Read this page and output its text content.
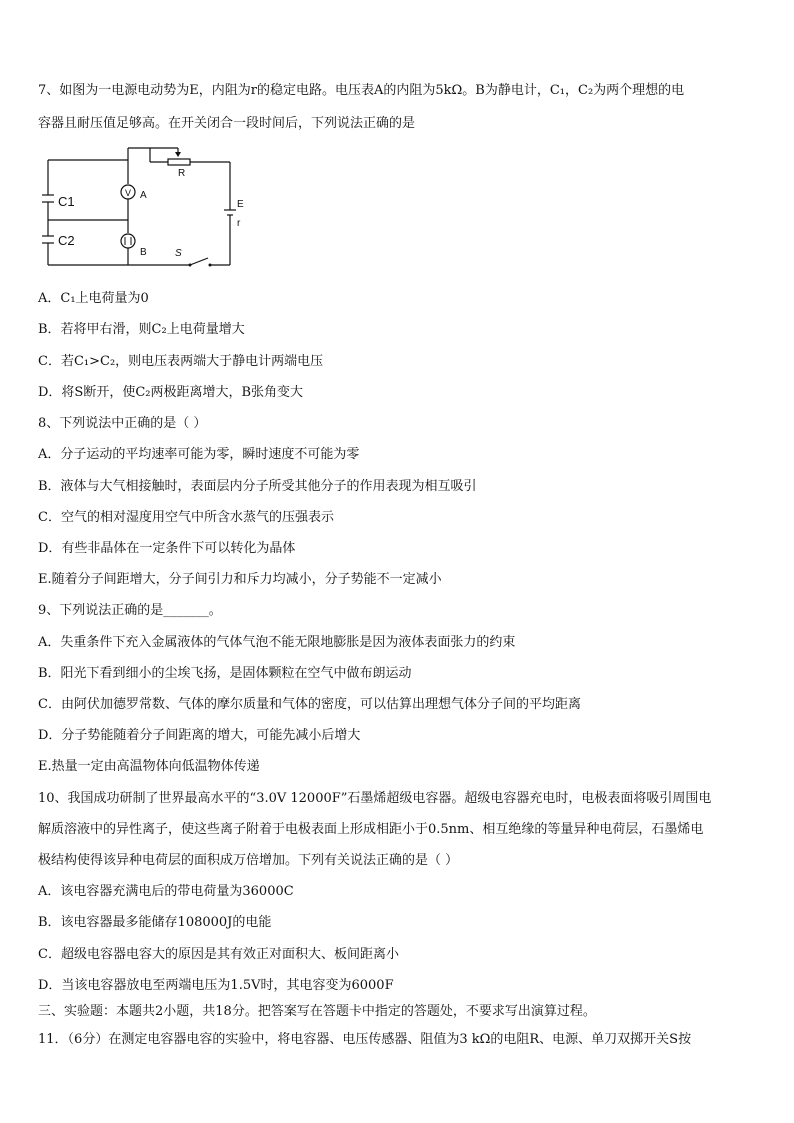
7、如图为一电源电动势为E，内阻为r的稳定电路。电压表A的内阻为5kΩ。B为静电计，C₁，C₂为两个理想的电
容器且耐压值足够高。在开关闭合一段时间后，下列说法正确的是
V
C1
C2
A
B
R
S
E
r
A．C₁上电荷量为0
B．若将甲右滑，则C₂上电荷量增大
C．若C₁>C₂，则电压表两端大于静电计两端电压
D．将S断开，使C₂两极距离增大，B张角变大
8、下列说法中正确的是（ ）
A．分子运动的平均速率可能为零，瞬时速度不可能为零
B．液体与大气相接触时，表面层内分子所受其他分子的作用表现为相互吸引
C．空气的相对湿度用空气中所含水蒸气的压强表示
D．有些非晶体在一定条件下可以转化为晶体
E.随着分子间距增大，分子间引力和斥力均减小，分子势能不一定减小
9、下列说法正确的是_______。
A．失重条件下充入金属液体的气体气泡不能无限地膨胀是因为液体表面张力的约束
B．阳光下看到细小的尘埃飞扬，是固体颗粒在空气中做布朗运动
C．由阿伏加德罗常数、气体的摩尔质量和气体的密度，可以估算出理想气体分子间的平均距离
D．分子势能随着分子间距离的增大，可能先减小后增大
E.热量一定由高温物体向低温物体传递
10、我国成功研制了世界最高水平的“3.0V 12000F”石墨烯超级电容器。超级电容器充电时，电极表面将吸引周围电
解质溶液中的异性离子，使这些离子附着于电极表面上形成相距小于0.5nm、相互绝缘的等量异种电荷层，石墨烯电
极结构使得该异种电荷层的面积成万倍增加。下列有关说法正确的是（ ）
A．该电容器充满电后的带电荷量为36000C
B．该电容器最多能储存108000J的电能
C．超级电容器电容大的原因是其有效正对面积大、板间距离小
D．当该电容器放电至两端电压为1.5V时，其电容变为6000F
三、实验题：本题共2小题，共18分。把答案写在答题卡中指定的答题处，不要求写出演算过程。
11．（6分）在测定电容器电容的实验中，将电容器、电压传感器、阻值为3 kΩ的电阻R、电源、单刀双掷开关S按
